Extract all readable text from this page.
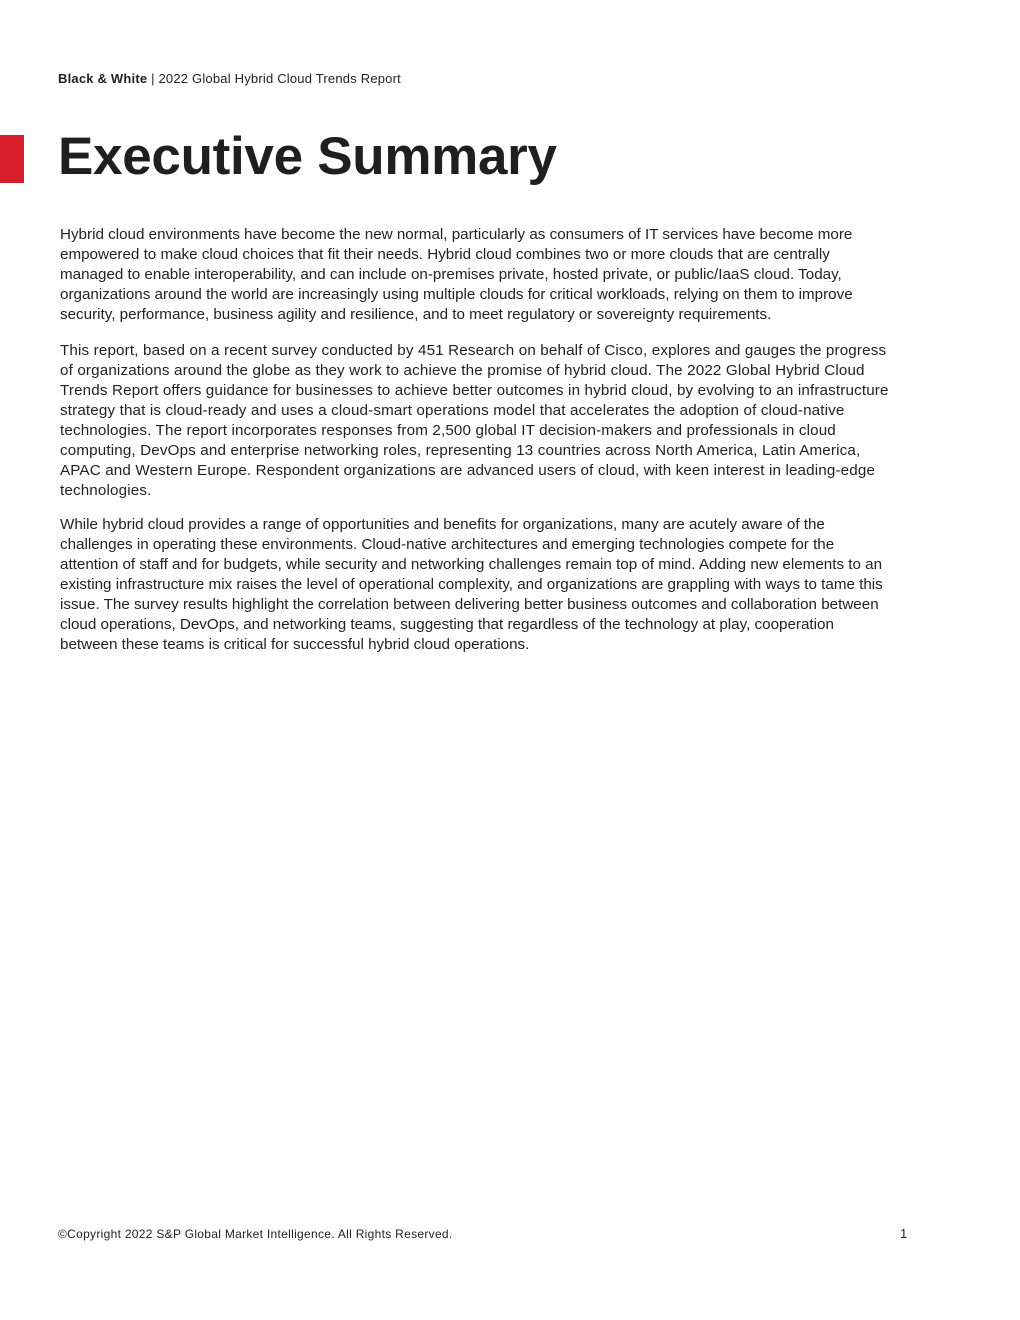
Black & White | 2022 Global Hybrid Cloud Trends Report
Executive Summary

Hybrid cloud environments have become the new normal, particularly as consumers of IT services have become more empowered to make cloud choices that fit their needs. Hybrid cloud combines two or more clouds that are centrally managed to enable interoperability, and can include on-premises private, hosted private, or public/IaaS cloud. Today, organizations around the world are increasingly using multiple clouds for critical workloads, relying on them to improve security, performance, business agility and resilience, and to meet regulatory or sovereignty requirements.

This report, based on a recent survey conducted by 451 Research on behalf of Cisco, explores and gauges the progress of organizations around the globe as they work to achieve the promise of hybrid cloud. The 2022 Global Hybrid Cloud Trends Report offers guidance for businesses to achieve better outcomes in hybrid cloud, by evolving to an infrastructure strategy that is cloud-ready and uses a cloud-smart operations model that accelerates the adoption of cloud-native technologies. The report incorporates responses from 2,500 global IT decision-makers and professionals in cloud computing, DevOps and enterprise networking roles, representing 13 countries across North America, Latin America, APAC and Western Europe. Respondent organizations are advanced users of cloud, with keen interest in leading-edge technologies.

While hybrid cloud provides a range of opportunities and benefits for organizations, many are acutely aware of the challenges in operating these environments. Cloud-native architectures and emerging technologies compete for the attention of staff and for budgets, while security and networking challenges remain top of mind. Adding new elements to an existing infrastructure mix raises the level of operational complexity, and organizations are grappling with ways to tame this issue. The survey results highlight the correlation between delivering better business outcomes and collaboration between cloud operations, DevOps, and networking teams, suggesting that regardless of the technology at play, cooperation between these teams is critical for successful hybrid cloud operations.

©Copyright 2022 S&P Global Market Intelligence. All Rights Reserved.	1
